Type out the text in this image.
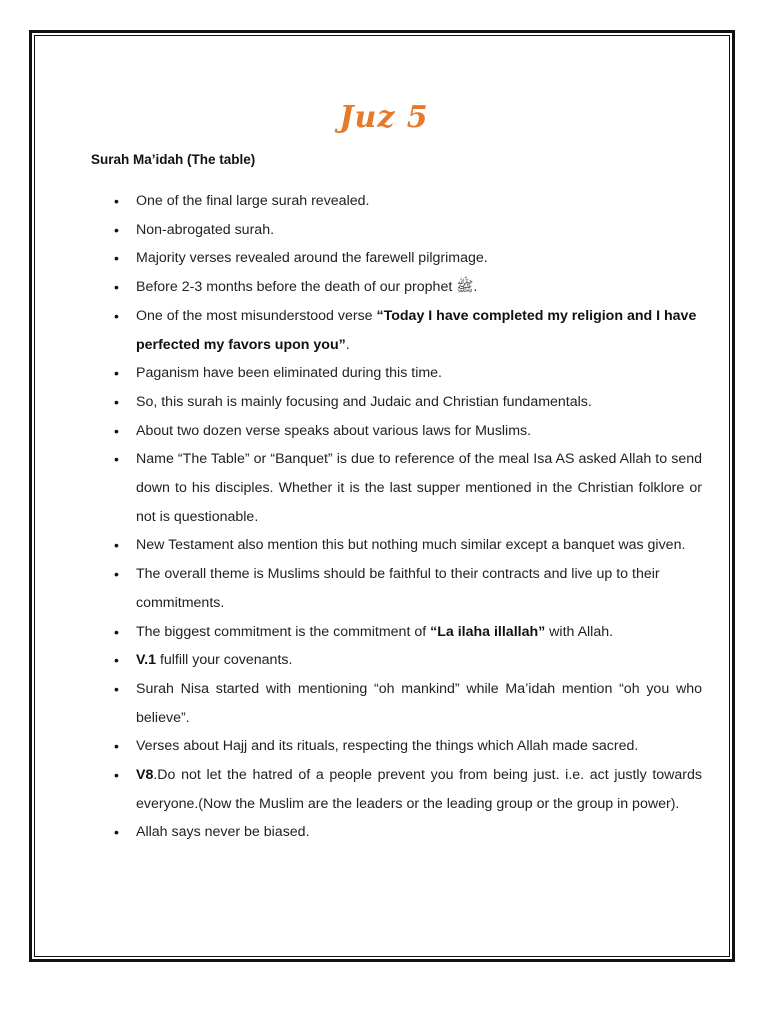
Juz 5
Surah Ma’idah (The table)
• One of the final large surah revealed.
• Non-abrogated surah.
• Majority verses revealed around the farewell pilgrimage.
• Before 2-3 months before the death of our prophet ﷺ.
• One of the most misunderstood verse “Today I have completed my religion and I have perfected my favors upon you”.
• Paganism have been eliminated during this time.
• So, this surah is mainly focusing and Judaic and Christian fundamentals.
• About two dozen verse speaks about various laws for Muslims.
• Name “The Table” or “Banquet” is due to reference of the meal Isa AS asked Allah to send down to his disciples. Whether it is the last supper mentioned in the Christian folklore or not is questionable.
• New Testament also mention this but nothing much similar except a banquet was given.
• The overall theme is Muslims should be faithful to their contracts and live up to their commitments.
• The biggest commitment is the commitment of “La ilaha illallah” with Allah.
• V.1 fulfill your covenants.
• Surah Nisa started with mentioning “oh mankind” while Ma’idah mention “oh you who believe”.
• Verses about Hajj and its rituals, respecting the things which Allah made sacred.
• V8.Do not let the hatred of a people prevent you from being just. i.e. act justly towards everyone.(Now the Muslim are the leaders or the leading group or the group in power).
• Allah says never be biased.
